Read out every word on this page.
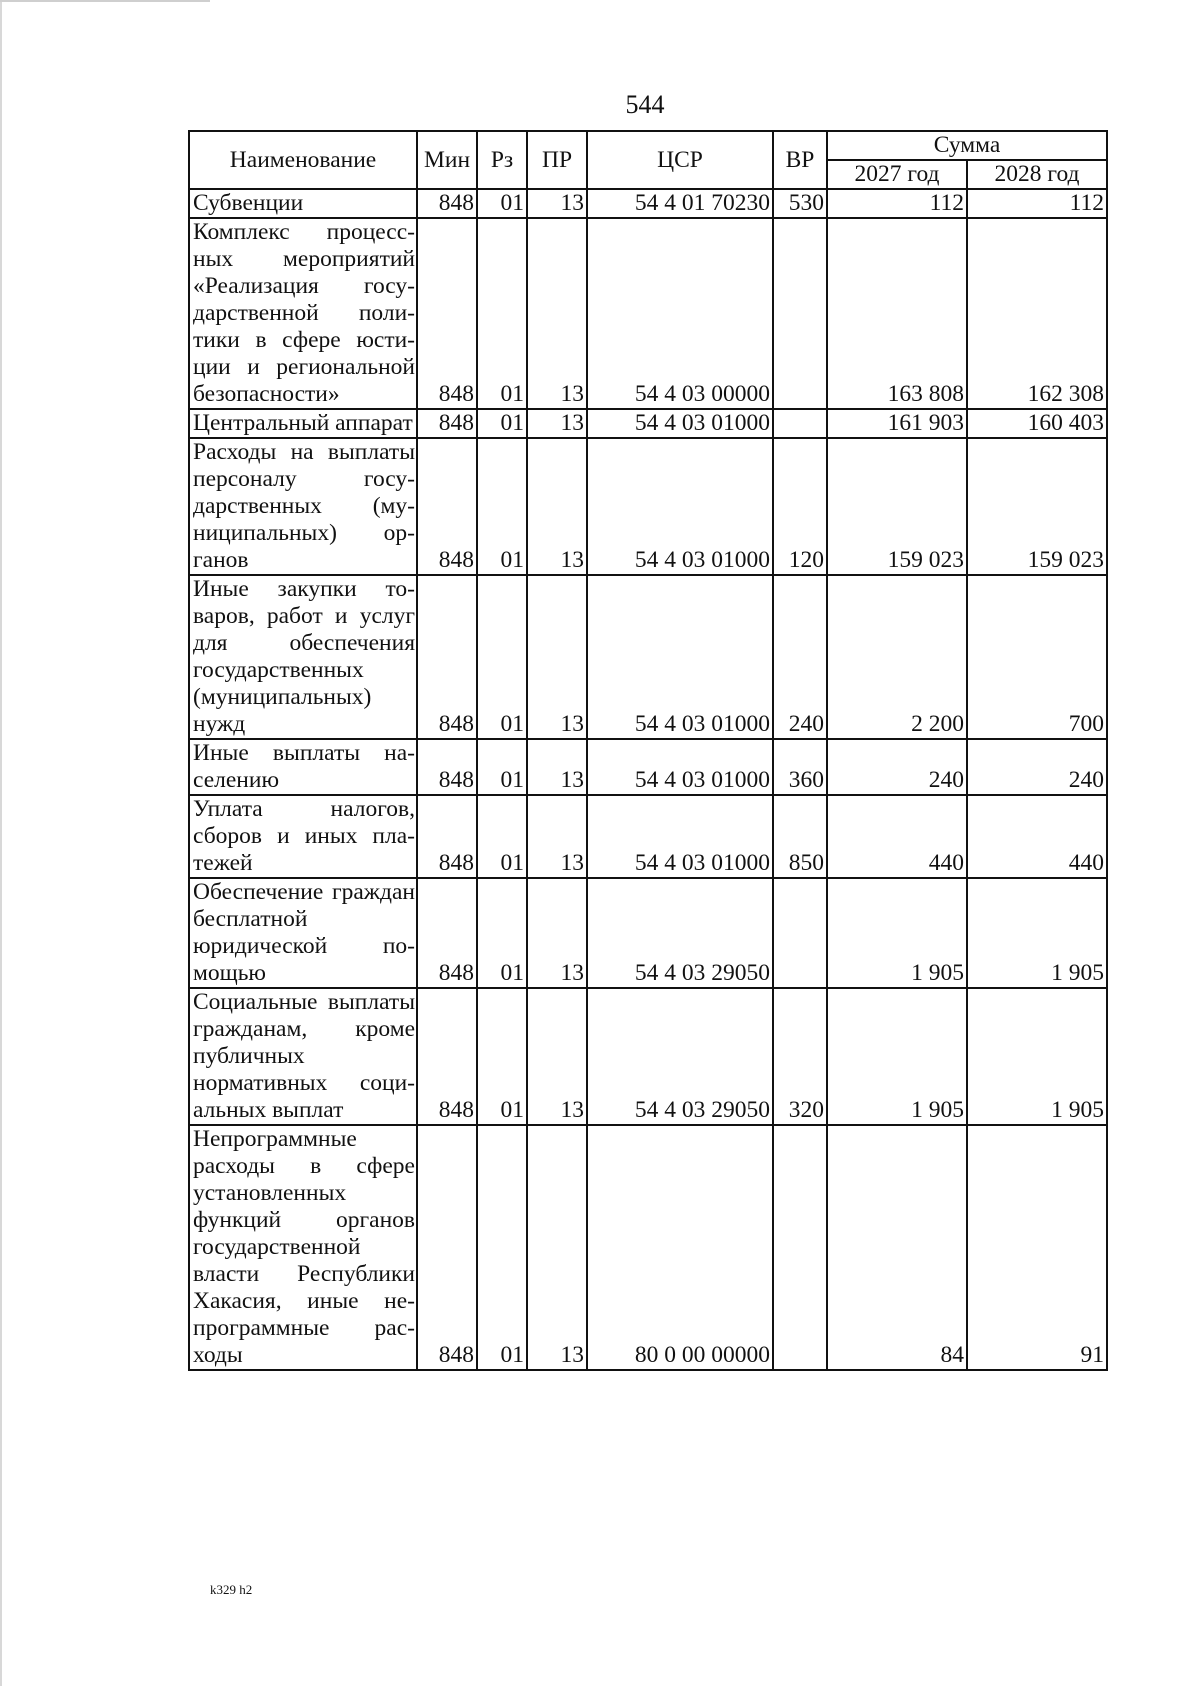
544
Наименование	Мин	Рз	ПР	ЦСР	ВР	Сумма	
						2027 год	2028 год
Субвенции	848	01	13	54 4 01 70230	530	112	112
Комплекс процессных мероприятий «Реализация государственной политики в сфере юстиции и региональной безопасности»	848	01	13	54 4 03 00000		163 808	162 308
Центральный аппарат	848	01	13	54 4 03 01000		161 903	160 403
Расходы на выплаты персоналу государственных (муниципальных) органов	848	01	13	54 4 03 01000	120	159 023	159 023
Иные закупки товаров, работ и услуг для обеспечения государственных (муниципальных) нужд	848	01	13	54 4 03 01000	240	2 200	700
Иные выплаты населению	848	01	13	54 4 03 01000	360	240	240
Уплата налогов, сборов и иных платежей	848	01	13	54 4 03 01000	850	440	440
Обеспечение граждан бесплатной юридической помощью	848	01	13	54 4 03 29050		1 905	1 905
Социальные выплаты гражданам, кроме публичных нормативных социальных выплат	848	01	13	54 4 03 29050	320	1 905	1 905
Непрограммные расходы в сфере установленных функций органов государственной власти Республики Хакасия, иные непрограммные расходы	848	01	13	80 0 00 00000		84	91
k329 h2
